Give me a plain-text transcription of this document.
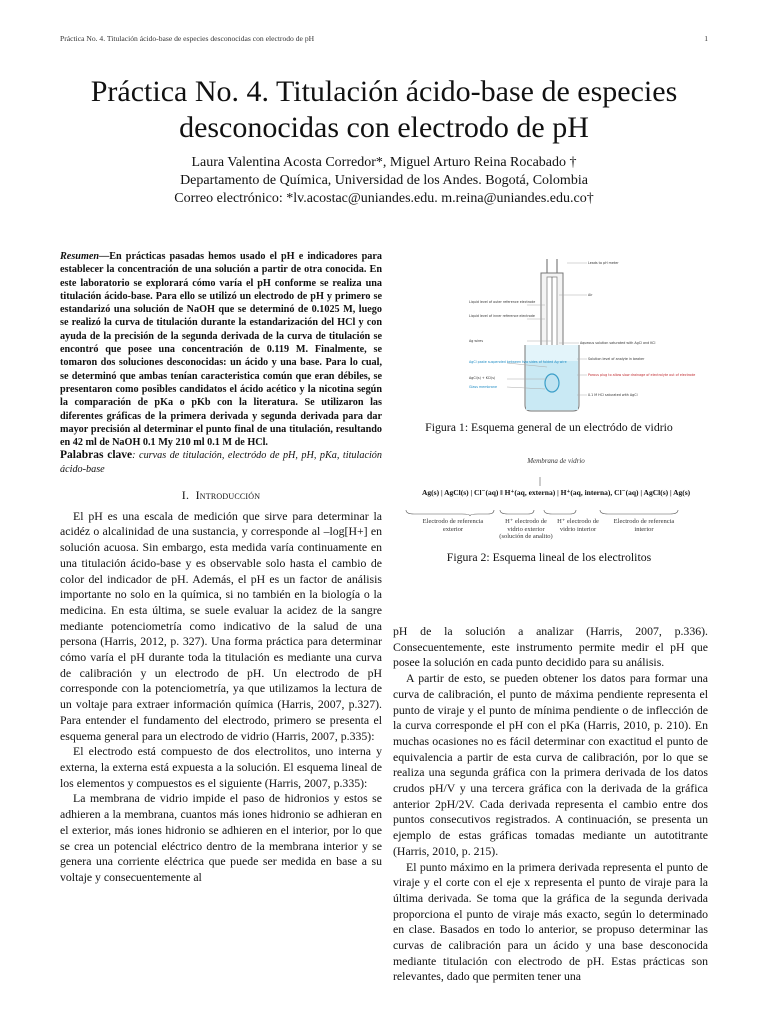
Práctica No. 4. Titulación ácido-base de especies desconocidas con electrodo de pH	1
Práctica No. 4. Titulación ácido-base de especies
desconocidas con electrodo de pH
Laura Valentina Acosta Corredor*, Miguel Arturo Reina Rocabado †
Departamento de Química, Universidad de los Andes. Bogotá, Colombia
Correo electrónico: *lv.acostac@uniandes.edu. m.reina@uniandes.edu.co†

Resumen—En prácticas pasadas hemos usado el pH e indicadores para establecer la concentración de una solución a partir de otra conocida. En este laboratorio se explorará cómo varía el pH conforme se realiza una titulación ácido-base. Para ello se utilizó un electrodo de pH y primero se estandarizó una solución de NaOH que se determinó de 0.1025 M, luego se realizó la curva de titulación durante la estandarización del HCl y con ayuda de la precisión de la segunda derivada de la curva de titulación se encontró que posee una concentración de 0.119 M. Finalmente, se tomaron dos soluciones desconocidas: un ácido y una base. Para lo cual, se determinó que ambas tenían caracteristica común que eran débiles, se presentaron como posibles candidatos el ácido acético y la nicotina según la comparación de pKa o pKb con la literatura. Se utilizaron las diferentes gráficas de la primera derivada y segunda derivada para dar mayor precisión al determinar el punto final de una titulación, resultando en 42 ml de NaOH 0.1 My 210 ml 0.1 M de HCl.

Palabras clave: curvas de titulación, electródo de pH, pH, pKa, titulación ácido-base

I. Introducción

El pH es una escala de medición que sirve para determinar la acidéz o alcalinidad de una sustancia, y corresponde al –log[H+] en solución acuosa. Sin embargo, esta medida varía continuamente en una titulación ácido-base y es observable solo hasta el cambio de color del indicador de pH. Además, el pH es un factor de análisis importante no solo en la química, si no también en la biología o la medicina. En esta última, se suele evaluar la acidez de la sangre mediante potenciometría como indicativo de la salud de una persona (Harris, 2012, p. 327). Una forma práctica para determinar cómo varía el pH durante toda la titulación es mediante una curva de calibración y un electrodo de pH. Un electrodo de pH corresponde con la potenciometría, ya que utilizamos la lectura de un voltaje para extraer información química (Harris, 2007, p.327). Para entender el fundamento del electrodo, primero se presenta el esquema general para un electrodo de vidrio (Harris, 2007, p.335):

El electrodo está compuesto de dos electrolitos, uno interna y externa, la externa está expuesta a la solución. El esquema lineal de los elementos y compuestos es el siguiente (Harris, 2007, p.335):

La membrana de vidrio impide el paso de hidronios y estos se adhieren a la membrana, cuantos más iones hidronio se adhieran en el exterior, más iones hidronio se adhieren en el interior, por lo que se crea un potencial eléctrico dentro de la membrana interior y se genera una corriente eléctrica que puede ser medida en base a su voltaje y consecuentemente al

Leads to pH meter
Air
Liquid level of outer reference electrode
Liquid level of inner reference electrode
Ag wires	Aqueous solution saturated with AgCl and KCl
Solution level of analyte in beaker
Porous plug to allow slow drainage of electrolyte out of electrode
AgCl paste suspended between two sides of folded Ag wire
AgCl(s) + KCl(s)
Glass membrane
0.1 M HCl saturated with AgCl
Figura 1: Esquema general de un electródo de vidrio
Membrana de vidrio
Ag(s) | AgCl(s) | Cl⁻(aq) ‖ H⁺(aq, externa) | H⁺(aq, interna), Cl⁻(aq) | AgCl(s) | Ag(s)
Electrodo de referencia exterior
H⁺ electrodo de vidrio exterior (solución de analito)
H⁺ electrodo de vidrio interior
Electrodo de referencia interior
Figura 2: Esquema lineal de los electrolitos

pH de la solución a analizar (Harris, 2007, p.336). Consecuentemente, este instrumento permite medir el pH que posee la solución en cada punto decidido para su análisis.

A partir de esto, se pueden obtener los datos para formar una curva de calibración, el punto de máxima pendiente representa el punto de viraje y el punto de mínima pendiente o de inflección de la curva corresponde el pH con el pKa (Harris, 2010, p. 210). En muchas ocasiones no es fácil determinar con exactitud el punto de equivalencia a partir de esta curva de calibración, por lo que se realiza una segunda gráfica con la primera derivada de los datos crudos pH/V y una tercera gráfica con la derivada de la gráfica anterior 2pH/2V. Cada derivada representa el cambio entre dos puntos consecutivos registrados. A continuación, se presenta un ejemplo de estas gráficas tomadas mediante un autotitrante (Harris, 2010, p. 215).

El punto máximo en la primera derivada representa el punto de viraje y el corte con el eje x representa el punto de viraje para la última derivada. Se toma que la gráfica de la segunda derivada proporciona el punto de viraje más exacto, según lo determinado en clase. Basados en todo lo anterior, se propuso determinar las curvas de calibración para un ácido y una base desconocida mediante titulación con electrodo de pH. Estas prácticas son relevantes, dado que permiten tener una
